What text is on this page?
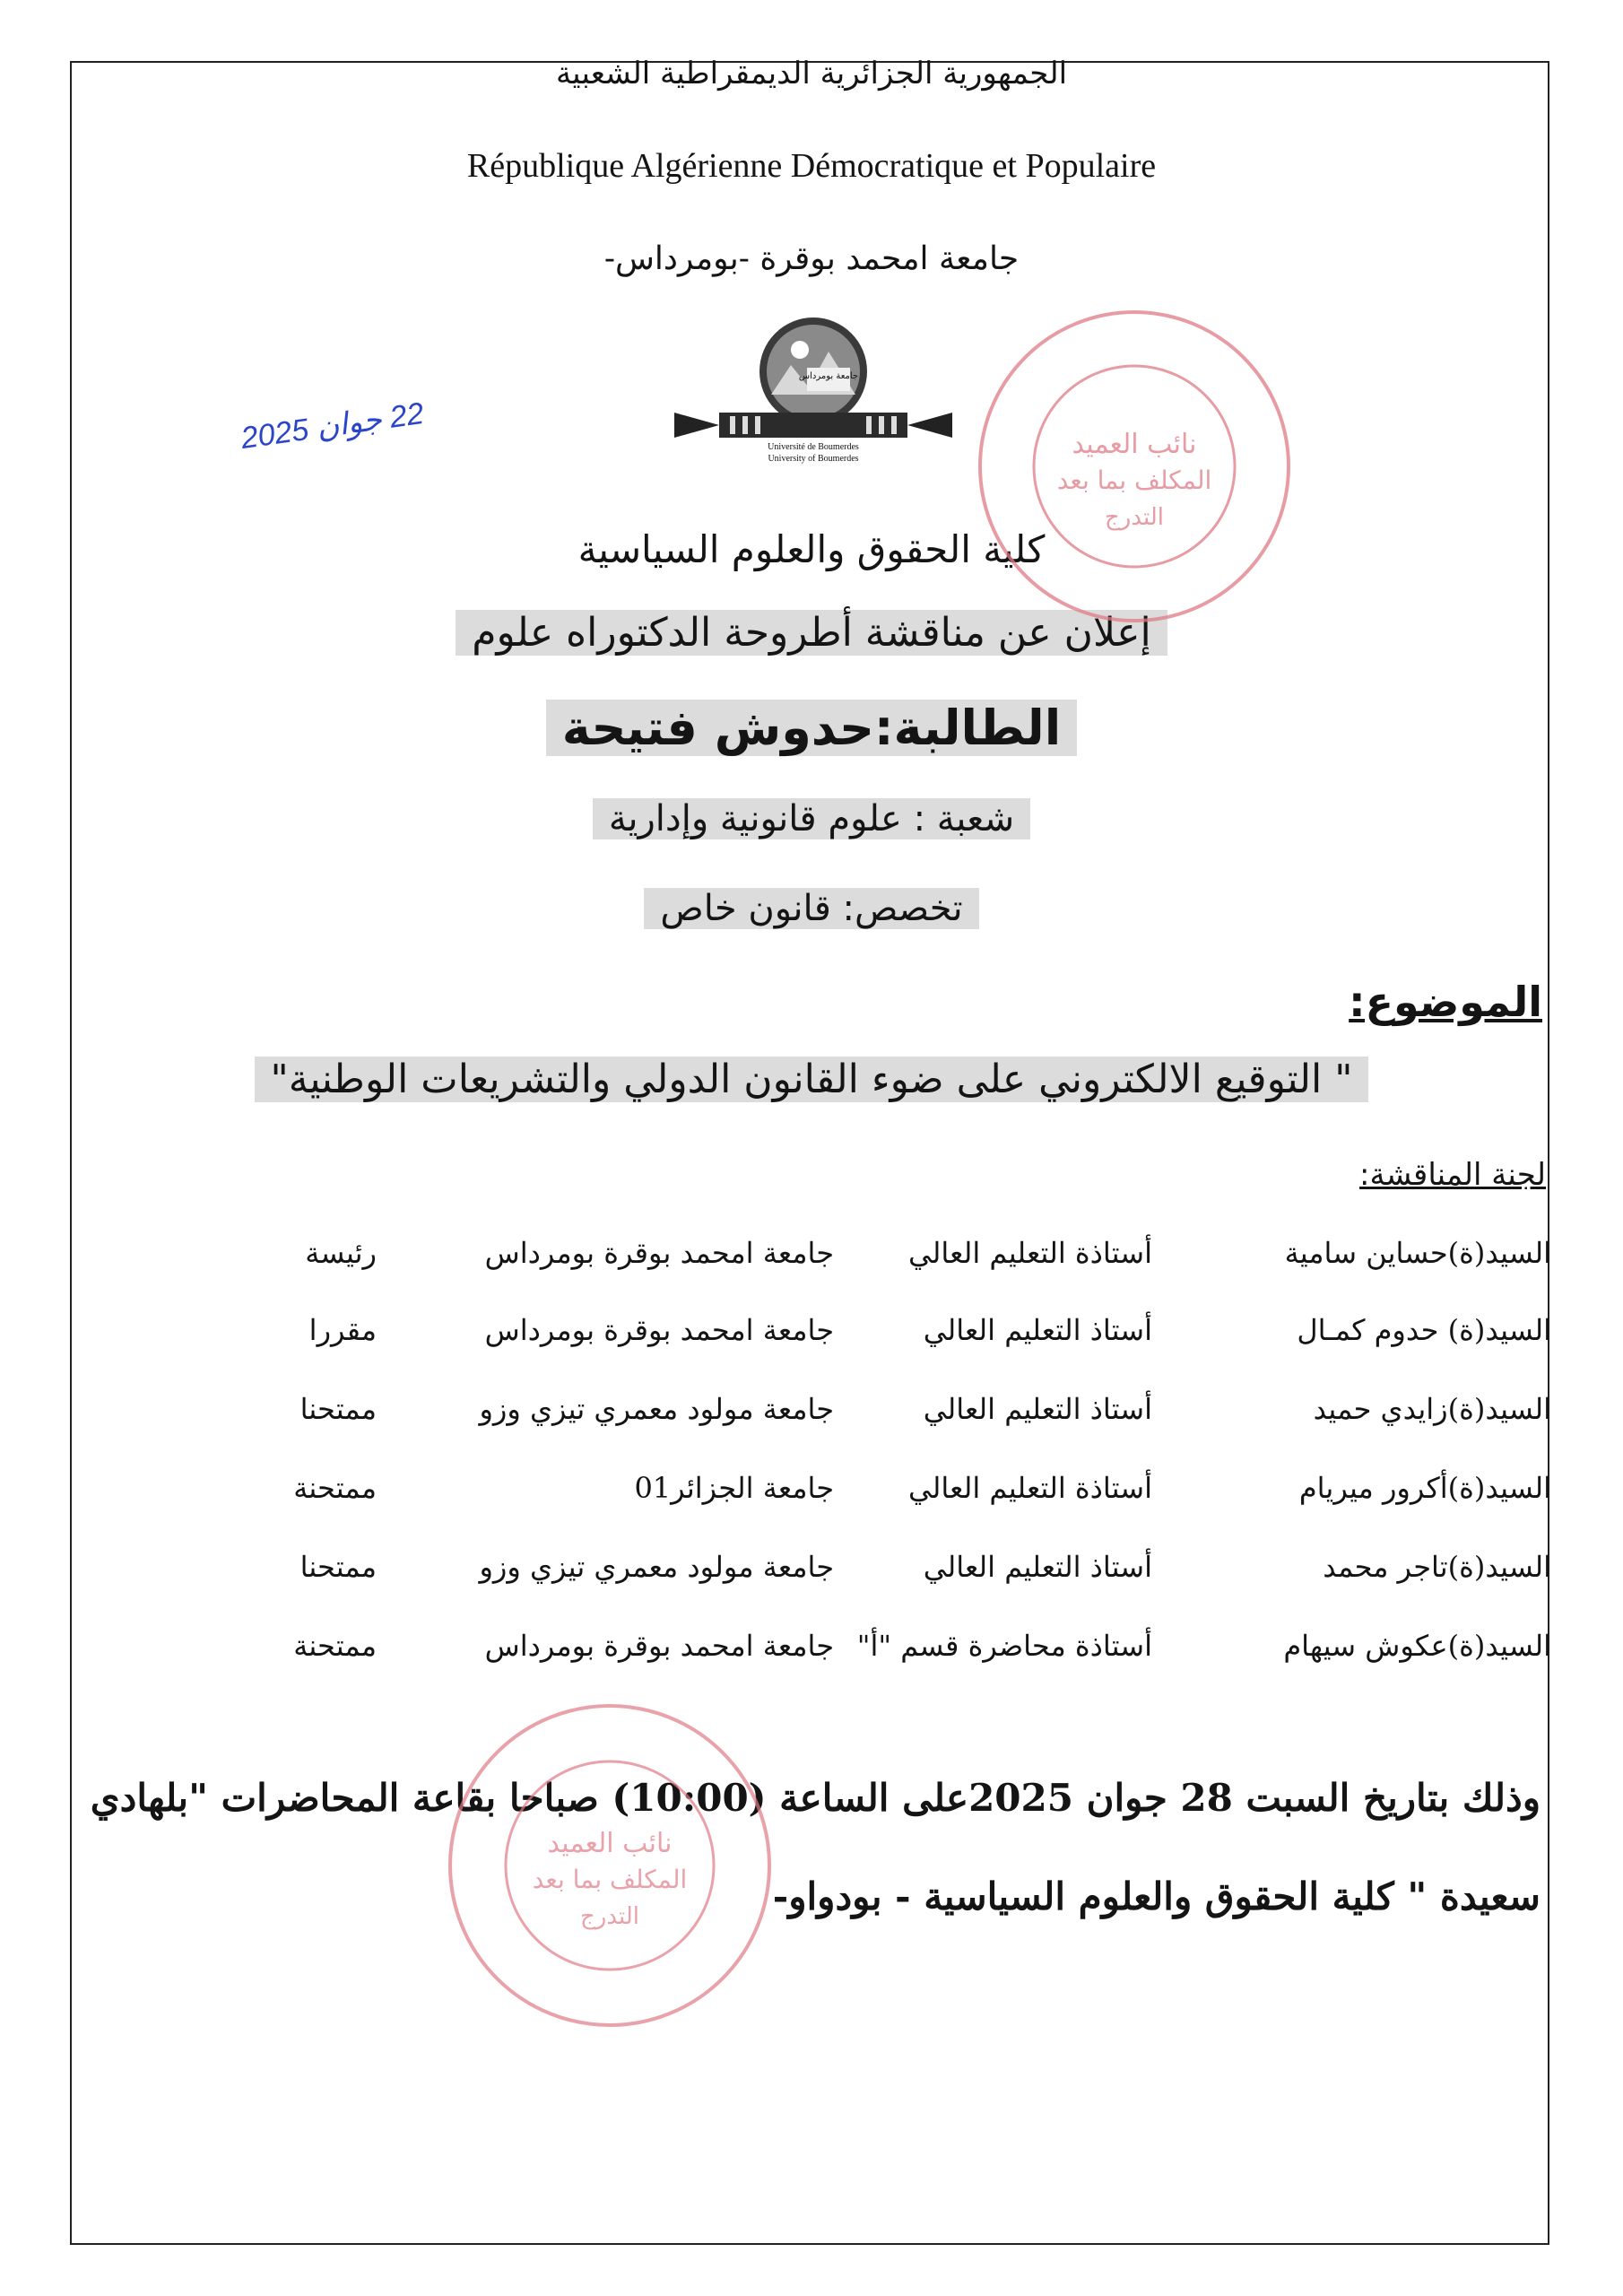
الجمهورية الجزائرية الديمقراطية الشعبية
République Algérienne Démocratique et Populaire
جامعة امحمد بوقرة -بومرداس-
جامعة بومرداس
Université de Boumerdes
University of Boumerdes
22 جوان 2025
كلية الحقوق والعلوم السياسية
إعلان عن مناقشة أطروحة الدكتوراه علوم
الطالبة:حدوش فتيحة
شعبة : علوم قانونية وإدارية
تخصص: قانون خاص
الموضوع:
" التوقيع الالكتروني على ضوء القانون الدولي والتشريعات الوطنية"
لجنة المناقشة:
السيد(ة)حساين سامية
أستاذة التعليم العالي
جامعة امحمد بوقرة بومرداس
رئيسة
السيد(ة) حدوم كمـال
أستاذ التعليم العالي
جامعة امحمد بوقرة بومرداس
مقررا
السيد(ة)زايدي حميد
أستاذ التعليم العالي
جامعة مولود معمري تيزي وزو
ممتحنا
السيد(ة)أكرور ميريام
أستاذة التعليم العالي
جامعة الجزائر01
ممتحنة
السيد(ة)تاجر محمد
أستاذ التعليم العالي
جامعة مولود معمري تيزي وزو
ممتحنا
السيد(ة)عكوش سيهام
أستاذة محاضرة قسم "أ"
جامعة امحمد بوقرة بومرداس
ممتحنة
وذلك بتاريخ السبت 28 جوان 2025على الساعة (10:00) صباحا بقاعة المحاضرات "بلهادي
سعيدة " كلية الحقوق والعلوم السياسية - بودواو-
نائب العميد
المكلف بما بعد
التدرج
نائب العميد
المكلف بما بعد
التدرج
